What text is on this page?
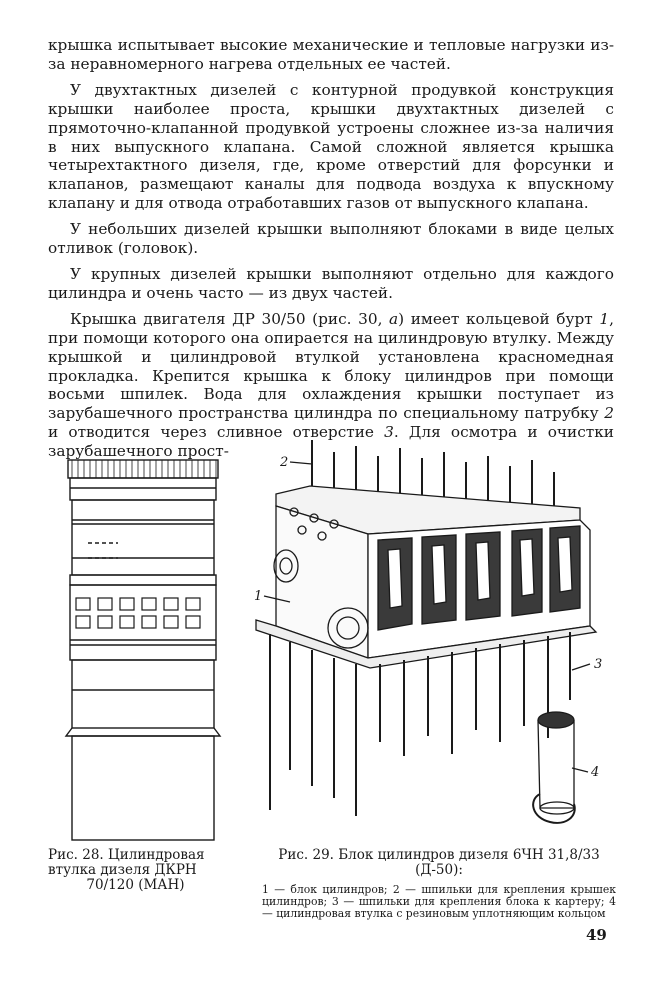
крышка испытывает высокие механические и тепловые нагрузки из-за неравномерного нагрева отдельных ее частей.

У двухтактных дизелей с контурной продувкой конструкция крышки наиболее проста, крышки двухтактных дизелей с прямоточно-клапанной продувкой устроены сложнее из-за наличия в них выпускного клапана. Самой сложной является крышка четырехтактного дизеля, где, кроме отверстий для форсунки и клапанов, размещают каналы для подвода воздуха к впускному клапану и для отвода отработавших газов от выпускного клапана.

У небольших дизелей крышки выполняют блоками в виде целых отливок (головок).

У крупных дизелей крышки выполняют отдельно для каждого цилиндра и очень часто — из двух частей.

Крышка двигателя ДР 30/50 (рис. 30, а) имеет кольцевой бурт 1, при помощи которого она опирается на цилиндровую втулку. Между крышкой и цилиндровой втулкой установлена красномедная прокладка. Крепится крышка к блоку цилиндров при помощи восьми шпилек. Вода для охлаждения крышки поступает из зарубашечного пространства цилиндра по специальному патрубку 2 и отводится через сливное отверстие 3. Для осмотра и очистки зарубашечного прост-

2
1
3
4
Рис. 28. Цилиндровая
втулка дизеля ДКРН
70/120 (МАН)
Рис. 29. Блок цилиндров дизеля 6ЧН 31,8/33 (Д-50):
1 — блок цилиндров; 2 — шпильки для крепления крышек цилиндров; 3 — шпильки для крепления блока к картеру; 4 — цилиндровая втулка с резиновым уплотняющим кольцом
49
